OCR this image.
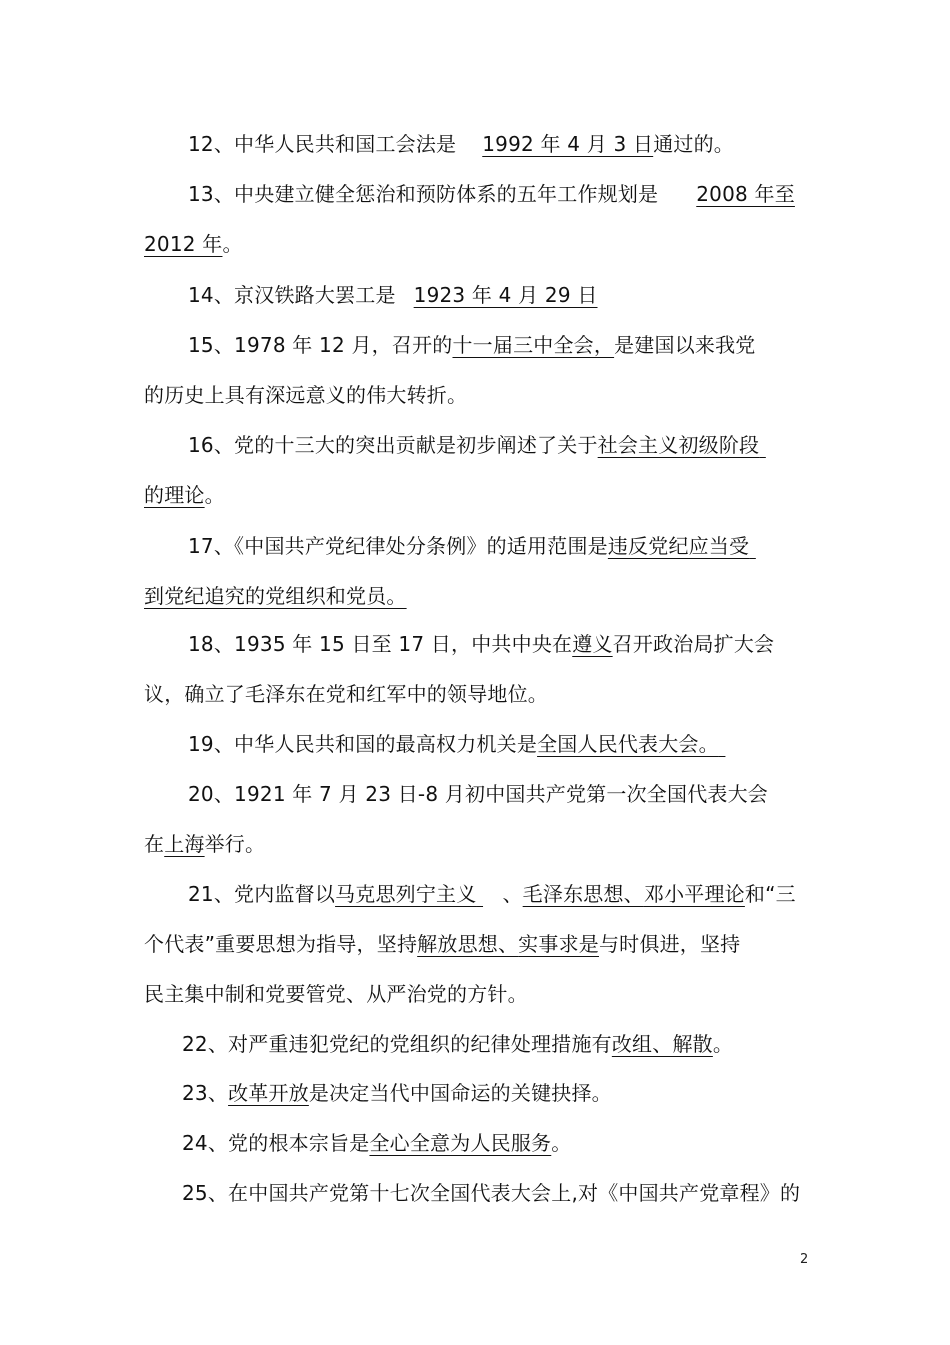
12、中华人民共和国工会法是 1992 年 4 月 3 日通过的。
13、中央建立健全惩治和预防体系的五年工作规划是 2008 年至
2012 年。
14、京汉铁路大罢工是 1923 年 4 月 29 日
15、1978 年 12 月，召开的十一届三中全会，是建国以来我党
的历史上具有深远意义的伟大转折。
16、党的十三大的突出贡献是初步阐述了关于社会主义初级阶段
的理论。
17、《中国共产党纪律处分条例》的适用范围是违反党纪应当受
到党纪追究的党组织和党员。
18、1935 年 15 日至 17 日，中共中央在遵义召开政治局扩大会
议，确立了毛泽东在党和红军中的领导地位。
19、中华人民共和国的最高权力机关是全国人民代表大会。
20、1921 年 7 月 23 日-8 月初中国共产党第一次全国代表大会
在上海举行。
21、党内监督以马克思列宁主义 、毛泽东思想、邓小平理论和“三
个代表”重要思想为指导，坚持解放思想、实事求是与时俱进，坚持
民主集中制和党要管党、从严治党的方针。
22、对严重违犯党纪的党组织的纪律处理措施有改组、解散。
23、改革开放是决定当代中国命运的关键抉择。
24、党的根本宗旨是全心全意为人民服务。
25、在中国共产党第十七次全国代表大会上,对《中国共产党章程》的
2
